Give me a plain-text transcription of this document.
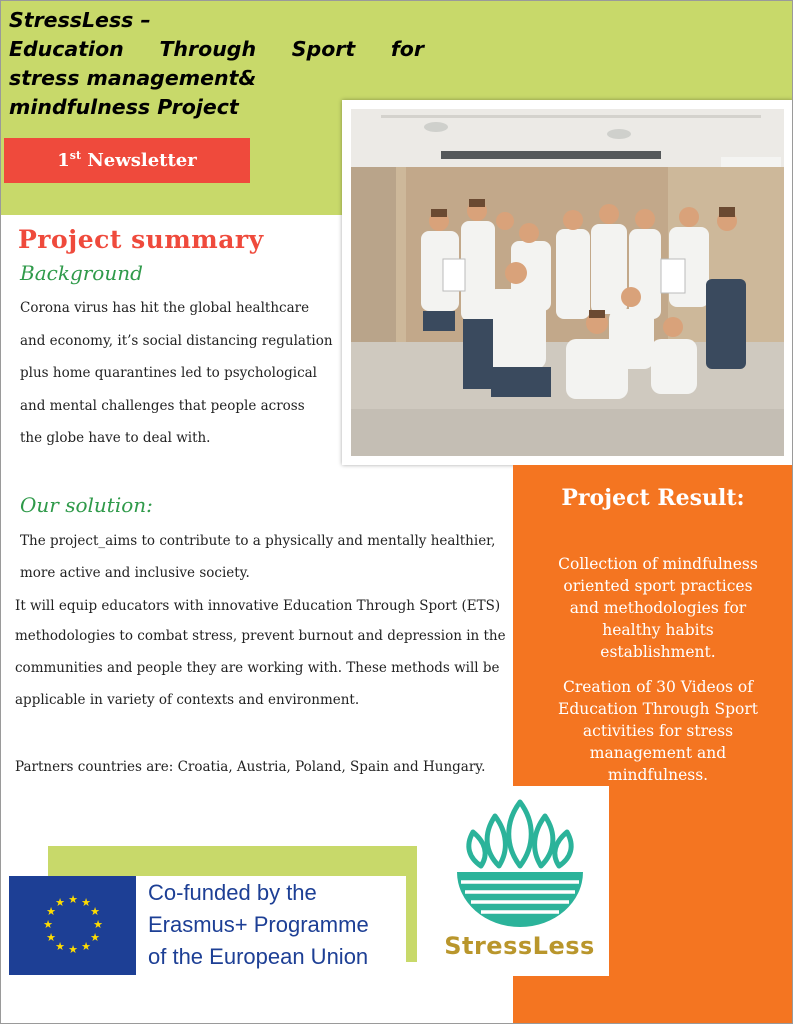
StressLess –
Education Through Sport for
stress management&
mindfulness Project
1st Newsletter
Project summary
Background
Corona virus has hit the global healthcare
and economy, it’s social distancing regulation
plus home quarantines led to psychological
and mental challenges that people across
the globe have to deal with.
Our solution:
The project_aims to contribute to a physically and mentally healthier,
more active and inclusive society.
It will equip educators with innovative Education Through Sport (ETS)
methodologies to combat stress, prevent burnout and depression in the
communities and people they are working with. These methods will be
applicable in variety of contexts and environment.
Partners countries are: Croatia, Austria, Poland, Spain and Hungary.
Project Result:
Collection of mindfulness
oriented sport practices
and methodologies for
healthy habits
establishment.
Creation of 30 Videos of
Education Through Sport
activities for stress
management and
mindfulness.
StressLess
★ ★
★
★
★
★
★
★
★
★
★
★	Co-funded by the
Erasmus+ Programme
of the European Union
